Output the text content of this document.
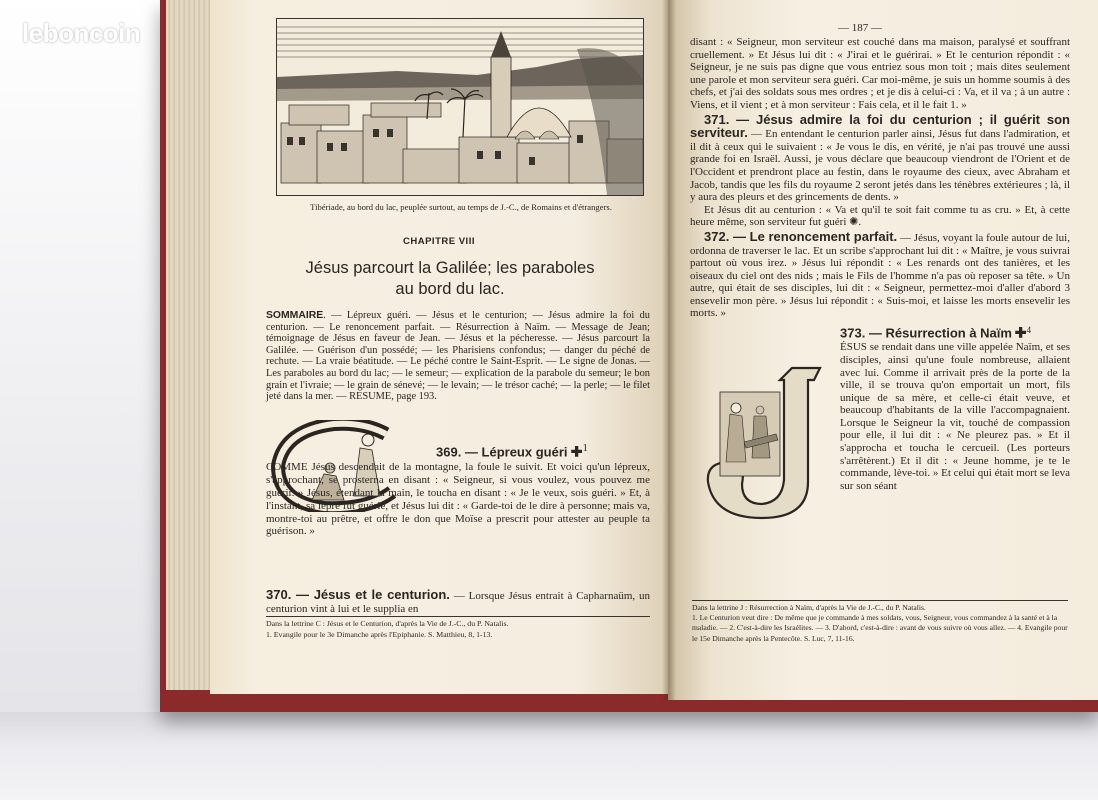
leboncoin
Tibériade, au bord du lac, peuplée surtout, au temps de J.-C., de Romains et d'étrangers.
CHAPITRE VIII
Jésus parcourt la Galilée; les paraboles
au bord du lac.
SOMMAIRE. — Lépreux guéri. — Jésus et le centurion; — Jésus admire la foi du centurion. — Le renoncement parfait. — Résurrection à Naïm. — Message de Jean; témoignage de Jésus en faveur de Jean. — Jésus et la pécheresse. — Jésus parcourt la Galilée. — Guérison d'un possédé; — les Pharisiens confondus; — danger du péché de rechute. — La vraie béatitude. — Le péché contre le Saint-Esprit. — Le signe de Jonas. — Les paraboles au bord du lac; — le semeur; — explication de la parabole du semeur; le bon grain et l'ivraie; — le grain de sénevé; — le levain; — le trésor caché; — la perle; — le filet jeté dans la mer. — RESUME, page 193.
369. — Lépreux guéri ✚$^1$

COMME Jésus descendait de la montagne, la foule le suivit. Et voici qu'un lépreux, s'approchant, se prosterna en disant : « Seigneur, si vous voulez, vous pouvez me guérir. » Jésus, étendant la main, le toucha en disant : « Je le veux, sois guéri. » Et, à l'instant, sa lèpre fut guérie, et Jésus lui dit : « Garde-toi de le dire à personne; mais va, montre-toi au prêtre, et offre le don que Moïse a prescrit pour attester au peuple ta guérison. »

370. — Jésus et le centurion. — Lorsque Jésus entrait à Capharnaüm, un centurion vint à lui et le supplia en
Dans la lettrine C : Jésus et le Centurion, d'après la Vie de J.-C., du P. Natalis.
1. Evangile pour le 3e Dimanche après l'Epiphanie. S. Matthieu, 8, 1-13.
— 187 —

disant : « Seigneur, mon serviteur est couché dans ma maison, paralysé et souffrant cruellement. » Et Jésus lui dit : « J'irai et le guérirai. » Et le centurion répondit : « Seigneur, je ne suis pas digne que vous entriez sous mon toit ; mais dites seulement une parole et mon serviteur sera guéri. Car moi-même, je suis un homme soumis à des chefs, et j'ai des soldats sous mes ordres ; et je dis à celui-ci : Va, et il va ; à un autre : Viens, et il vient ; et à mon serviteur : Fais cela, et il le fait 1. »

371. — Jésus admire la foi du centurion ; il guérit son serviteur. — En entendant le centurion parler ainsi, Jésus fut dans l'admiration, et il dit à ceux qui le suivaient : « Je vous le dis, en vérité, je n'ai pas trouvé une aussi grande foi en Israël. Aussi, je vous déclare que beaucoup viendront de l'Orient et de l'Occident et prendront place au festin, dans le royaume des cieux, avec Abraham et Jacob, tandis que les fils du royaume 2 seront jetés dans les ténèbres extérieures ; là, il y aura des pleurs et des grincements de dents. »

Et Jésus dit au centurion : « Va et qu'il te soit fait comme tu as cru. » Et, à cette heure même, son serviteur fut guéri ✺.

372. — Le renoncement parfait. — Jésus, voyant la foule autour de lui, ordonna de traverser le lac. Et un scribe s'approchant lui dit : « Maître, je vous suivrai partout où vous irez. » Jésus lui répondit : « Les renards ont des tanières, et les oiseaux du ciel ont des nids ; mais le Fils de l'homme n'a pas où reposer sa tête. » Un autre, qui était de ses disciples, lui dit : « Seigneur, permettez-moi d'aller d'abord 3 ensevelir mon père. » Jésus lui répondit : « Suis-moi, et laisse les morts ensevelir les morts. »

373. — Résurrection à Naïm ✚$^4$

ÉSUS se rendait dans une ville appelée Naïm, et ses disciples, ainsi qu'une foule nombreuse, allaient avec lui. Comme il arrivait près de la porte de la ville, il se trouva qu'on emportait un mort, fils unique de sa mère, et celle-ci était veuve, et beaucoup d'habitants de la ville l'accompagnaient. Lorsque le Seigneur la vit, touché de compassion pour elle, il lui dit : « Ne pleurez pas. » Et il s'approcha et toucha le cercueil. (Les porteurs s'arrêtèrent.) Et il dit : « Jeune homme, je te le commande, lève-toi. » Et celui qui était mort se leva sur son séant

Dans la lettrine J : Résurrection à Naïm, d'après la Vie de J.-C., du P. Natalis.
1. Le Centurion veut dire : De même que je commande à mes soldats, vous, Seigneur, vous commandez à la santé et à la maladie. — 2. C'est-à-dire les Israélites. — 3. D'abord, c'est-à-dire : avant de vous suivre où vous allez. — 4. Evangile pour le 15e Dimanche après la Pentecôte. S. Luc, 7, 11-16.
